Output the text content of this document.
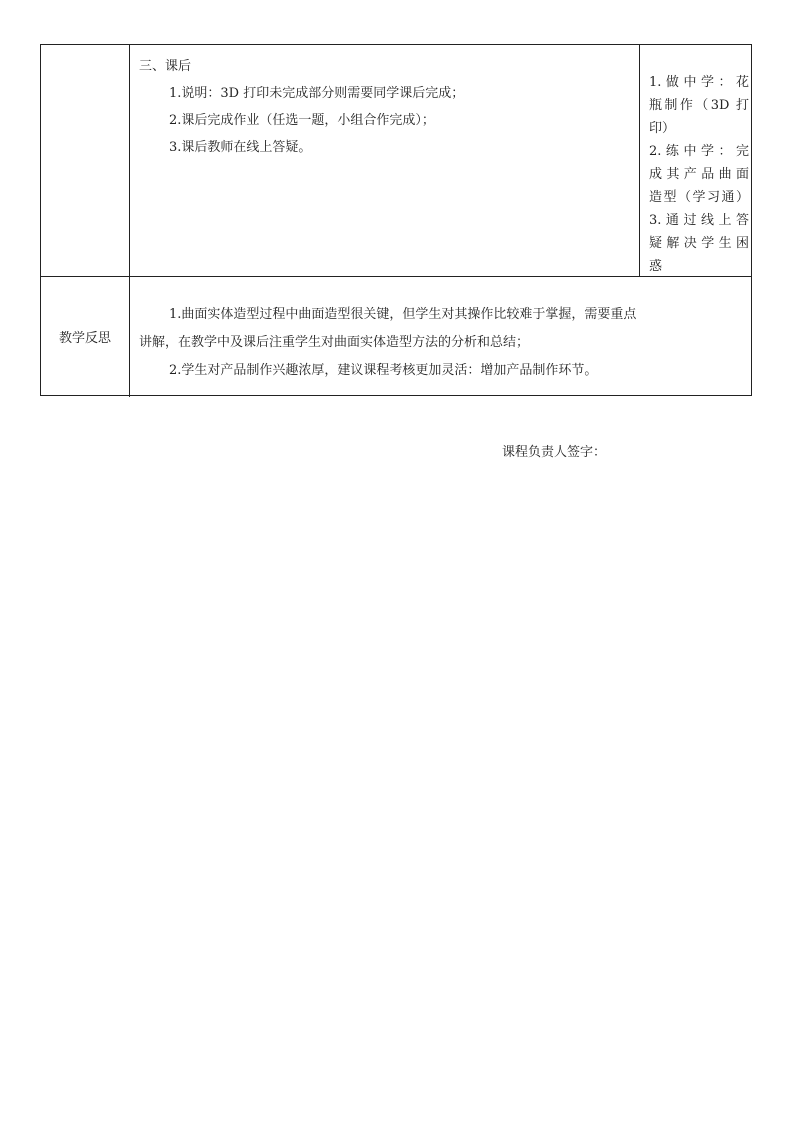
三、课后
1.说明：3D 打印未完成部分则需要同学课后完成；
2.课后完成作业（任选一题，小组合作完成）；
3.课后教师在线上答疑。
1.做中学：花
瓶制作（3D 打
印）
2.练中学：完
成其产品曲面
造型（学习通）
3.通过线上答
疑解决学生困
惑
教学反思
1.曲面实体造型过程中曲面造型很关键，但学生对其操作比较难于掌握，需要重点
讲解，在教学中及课后注重学生对曲面实体造型方法的分析和总结；
2.学生对产品制作兴趣浓厚，建议课程考核更加灵活：增加产品制作环节。
课程负责人签字：
